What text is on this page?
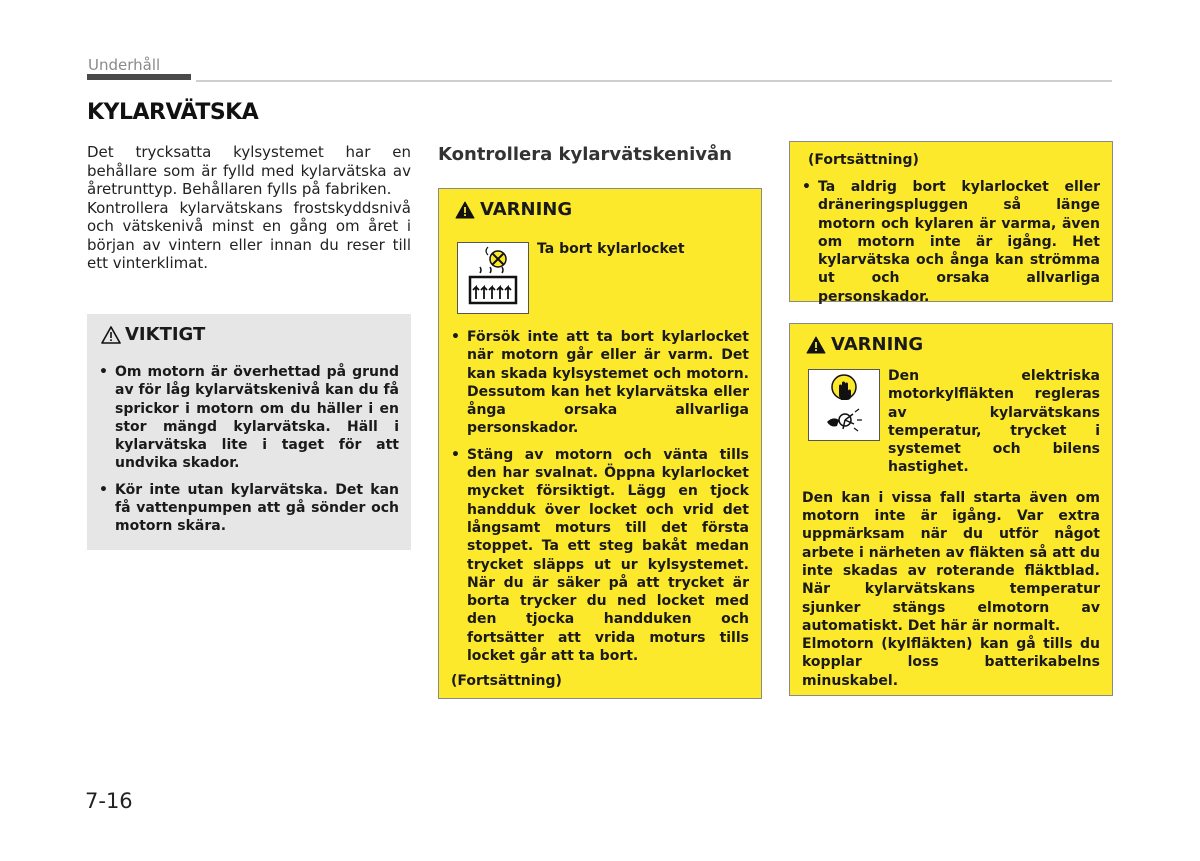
Underhåll
KYLARVÄTSKA

Det trycksatta kylsystemet har en behållare som är fylld med kylarvätska av åretrunttyp. Behållaren fylls på fabriken.

Kontrollera kylarvätskans frostskyddsnivå och vätskenivå minst en gång om året i början av vintern eller innan du reser till ett vinterklimat.

VIKTIGT
• Om motorn är överhettad på grund av för låg kylarvätskenivå kan du få sprickor i motorn om du häller i en stor mängd kylarvätska. Häll i kylarvätska lite i taget för att undvika skador.
• Kör inte utan kylarvätska. Det kan få vattenpumpen att gå sönder och motorn skära.
Kontrollera kylarvätskenivån
VARNING
Ta bort kylarlocket
• Försök inte att ta bort kylarlocket när motorn går eller är varm. Det kan skada kylsystemet och motorn. Dessutom kan het kylarvätska eller ånga orsaka allvarliga personskador.
• Stäng av motorn och vänta tills den har svalnat. Öppna kylarlocket mycket försiktigt. Lägg en tjock handduk över locket och vrid det långsamt moturs till det första stoppet. Ta ett steg bakåt medan trycket släpps ut ur kylsystemet. När du är säker på att trycket är borta trycker du ned locket med den tjocka handduken och fortsätter att vrida moturs tills locket går att ta bort.
(Fortsättning)
(Fortsättning)
• Ta aldrig bort kylarlocket eller dräneringspluggen så länge motorn och kylaren är varma, även om motorn inte är igång. Het kylarvätska och ånga kan strömma ut och orsaka allvarliga personskador.
VARNING
Den elektriska motorkylfläkten regleras av kylarvätskans temperatur, trycket i systemet och bilens hastighet.

Den kan i vissa fall starta även om motorn inte är igång. Var extra uppmärksam när du utför något arbete i närheten av fläkten så att du inte skadas av roterande fläktblad. När kylarvätskans temperatur sjunker stängs elmotorn av automatiskt. Det här är normalt.

Elmotorn (kylfläkten) kan gå tills du kopplar loss batterikabelns minuskabel.

7-16
